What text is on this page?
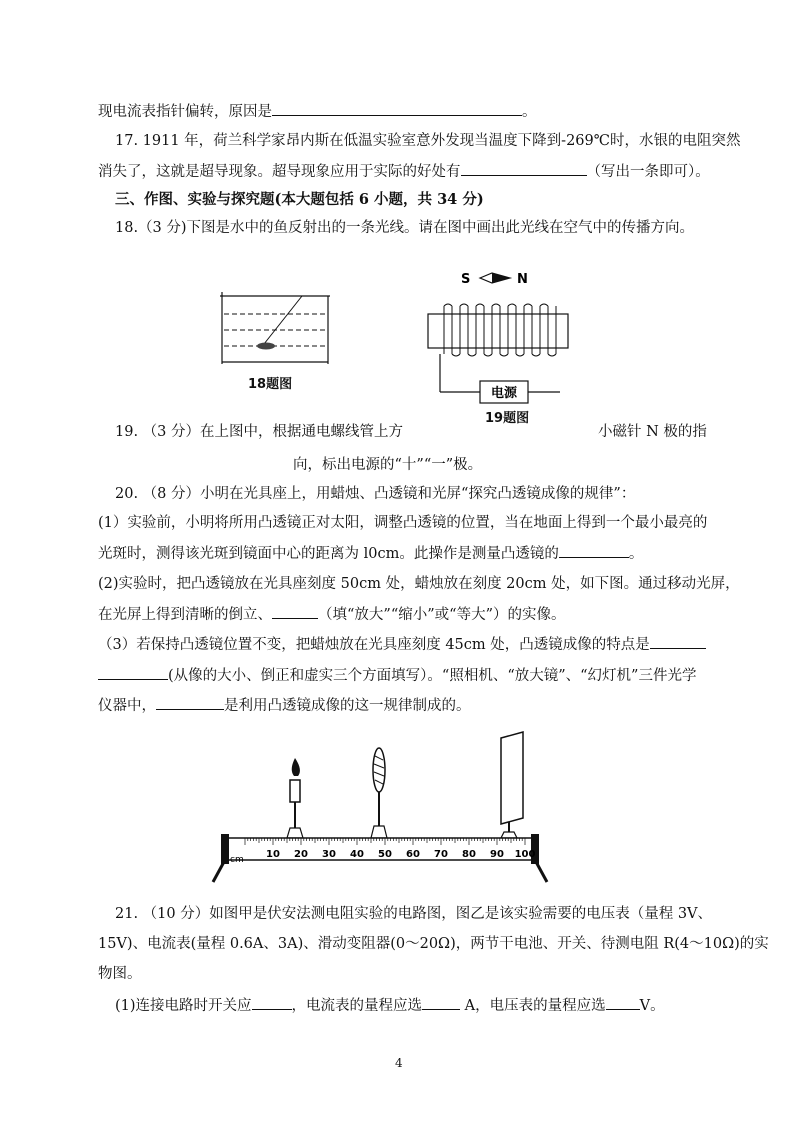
现电流表指针偏转，原因是	。
17. 1911 年，荷兰科学家昂内斯在低温实验室意外发现当温度下降到-269℃时，水银的电阻突然
消失了，这就是超导现象。超导现象应用于实际的好处有	（写出一条即可）。
三、作图、实验与探究题(本大题包括 6 小题，共 34 分)
18.（3 分)下图是水中的鱼反射出的一条光线。请在图中画出此光线在空气中的传播方向。
18题图
S	N
电源
19题图
19. （3 分）在上图中，根据通电螺线管上方	小磁针 N 极的指
向，标出电源的“十”“一”极。
20. （8 分）小明在光具座上，用蜡烛、凸透镜和光屏“探究凸透镜成像的规律”：
(1）实验前，小明将所用凸透镜正对太阳，调整凸透镜的位置，当在地面上得到一个最小最亮的
光斑时，测得该光斑到镜面中心的距离为 l0cm。此操作是测量凸透镜的	。
(2)实验时，把凸透镜放在光具座刻度 50cm 处，蜡烛放在刻度 20cm 处，如下图。通过移动光屏，
在光屏上得到清晰的倒立、	（填“放大”“缩小”或“等大”）的实像。
（3）若保持凸透镜位置不变，把蜡烛放在光具座刻度 45cm 处，凸透镜成像的特点是
(从像的大小、倒正和虚实三个方面填写）。“照相机、“放大镜”、“幻灯机”三件光学
仪器中，	是利用凸透镜成像的这一规律制成的。
10 20 30 40 50 60 70 80 90 100
cm
21. （10 分）如图甲是伏安法测电阻实验的电路图，图乙是该实验需要的电压表（量程 3V、
15V)、电流表(量程 0.6A、3A)、滑动变阻器(0～20Ω)，两节干电池、开关、待测电阻 R(4～10Ω)的实
物图。
(1)连接电路时开关应	，电流表的量程应选	A，电压表的量程应选 V。
4
